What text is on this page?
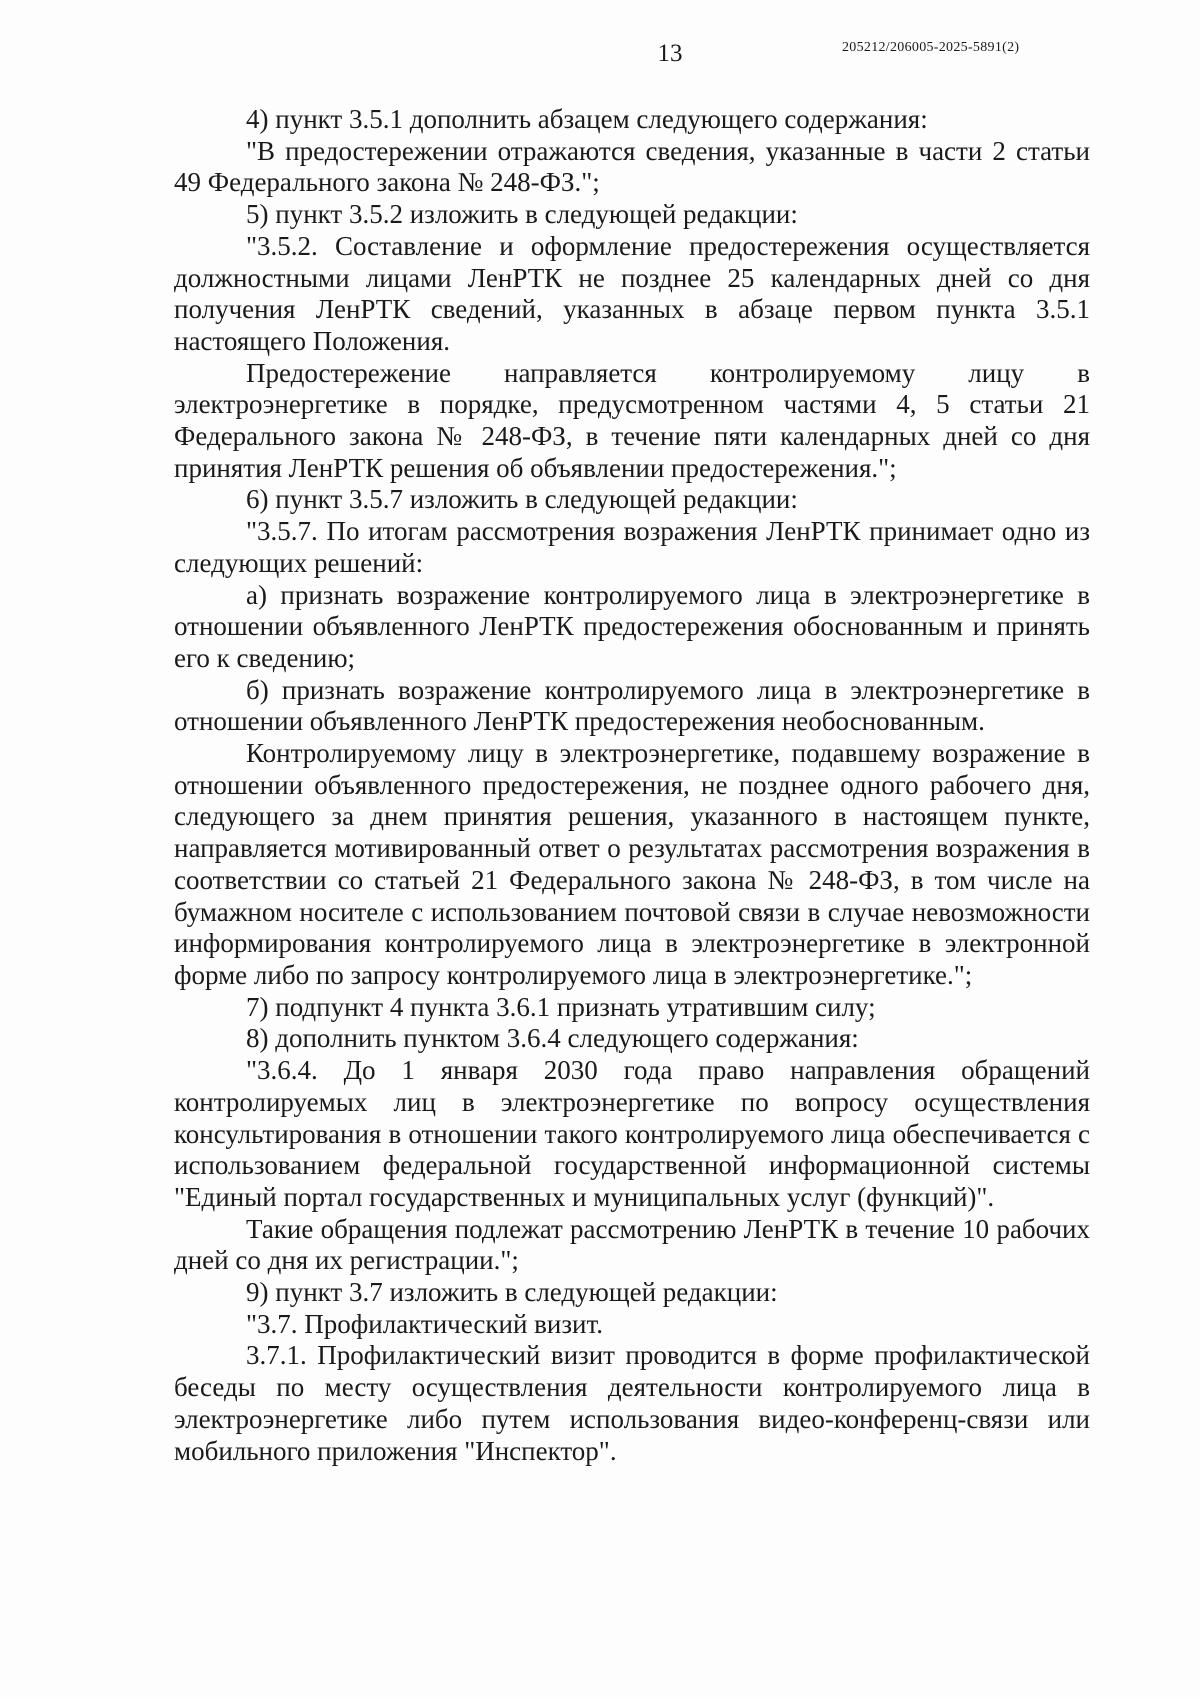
13	205212/206005-2025-5891(2)

4) пункт 3.5.1 дополнить абзацем следующего содержания:

"В предостережении отражаются сведения, указанные в части 2 статьи 49 Федерального закона № 248-ФЗ.";

5) пункт 3.5.2 изложить в следующей редакции:

"3.5.2. Составление и оформление предостережения осуществляется должностными лицами ЛенРТК не позднее 25 календарных дней со дня получения ЛенРТК сведений, указанных в абзаце первом пункта 3.5.1 настоящего Положения.

Предостережение направляется контролируемому лицу в электроэнергетике в порядке, предусмотренном частями 4, 5 статьи 21 Федерального закона № 248-ФЗ, в течение пяти календарных дней со дня принятия ЛенРТК решения об объявлении предостережения.";

6) пункт 3.5.7 изложить в следующей редакции:

"3.5.7. По итогам рассмотрения возражения ЛенРТК принимает одно из следующих решений:

а) признать возражение контролируемого лица в электроэнергетике в отношении объявленного ЛенРТК предостережения обоснованным и принять его к сведению;

б) признать возражение контролируемого лица в электроэнергетике в отношении объявленного ЛенРТК предостережения необоснованным.

Контролируемому лицу в электроэнергетике, подавшему возражение в отношении объявленного предостережения, не позднее одного рабочего дня, следующего за днем принятия решения, указанного в настоящем пункте, направляется мотивированный ответ о результатах рассмотрения возражения в соответствии со статьей 21 Федерального закона № 248-ФЗ, в том числе на бумажном носителе с использованием почтовой связи в случае невозможности информирования контролируемого лица в электроэнергетике в электронной форме либо по запросу контролируемого лица в электроэнергетике.";

7) подпункт 4 пункта 3.6.1 признать утратившим силу;

8) дополнить пунктом 3.6.4 следующего содержания:

"3.6.4. До 1 января 2030 года право направления обращений контролируемых лиц в электроэнергетике по вопросу осуществления консультирования в отношении такого контролируемого лица обеспечивается с использованием федеральной государственной информационной системы "Единый портал государственных и муниципальных услуг (функций)".

Такие обращения подлежат рассмотрению ЛенРТК в течение 10 рабочих дней со дня их регистрации.";

9) пункт 3.7 изложить в следующей редакции:

"3.7. Профилактический визит.

3.7.1. Профилактический визит проводится в форме профилактической беседы по месту осуществления деятельности контролируемого лица в электроэнергетике либо путем использования видео-конференц-связи или мобильного приложения "Инспектор".
